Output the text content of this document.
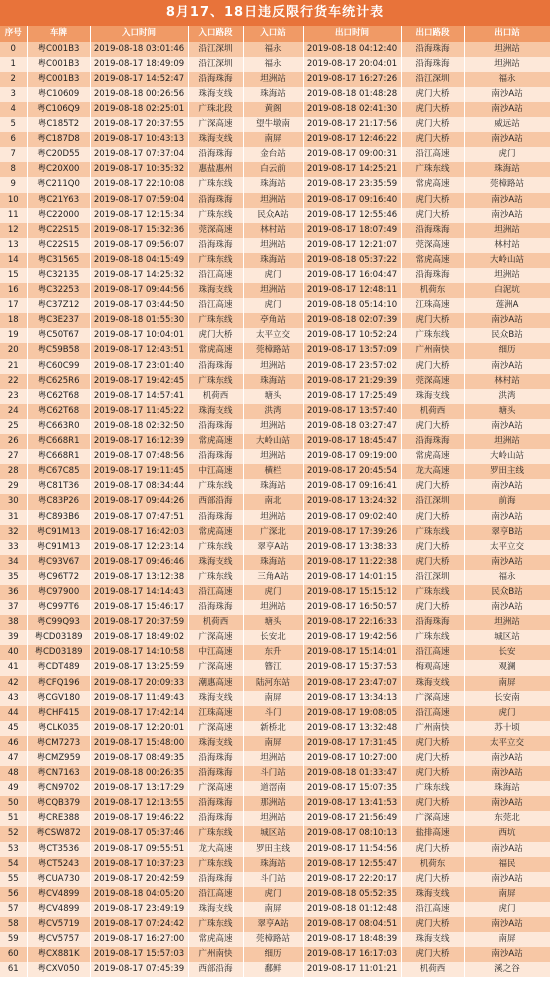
8月17、18日违反限行货车统计表
序号	车牌	入口时间	入口路段	入口站	出口时间	出口路段	出口站
0	粤C001B3	2019-08-18 03:01:46	沿江深圳	福永	2019-08-18 04:12:40	沿海珠海	坦洲站
1	粤C001B3	2019-08-17 18:49:09	沿江深圳	福永	2019-08-17 20:04:01	沿海珠海	坦洲站
2	粤C001B3	2019-08-17 14:52:47	沿海珠海	坦洲站	2019-08-17 16:27:26	沿江深圳	福永
3	粤C10609	2019-08-18 00:26:56	珠海支线	珠海站	2019-08-18 01:48:28	虎门大桥	南沙A站
4	粤C106Q9	2019-08-18 02:25:01	广珠北段	黄阁	2019-08-18 02:41:30	虎门大桥	南沙A站
5	粤C185T2	2019-08-17 20:37:55	广深高速	望牛墩南	2019-08-17 21:17:56	虎门大桥	威远站
6	粤C187D8	2019-08-17 10:43:13	珠海支线	南屏	2019-08-17 12:46:22	虎门大桥	南沙A站
7	粤C20D55	2019-08-17 07:37:04	沿海珠海	金台站	2019-08-17 09:00:31	沿江高速	虎门
8	粤C20X00	2019-08-17 10:35:32	惠盐惠州	白云前	2019-08-17 14:25:21	广珠东线	珠海站
9	粤C211Q0	2019-08-17 22:10:08	广珠东线	珠海站	2019-08-17 23:35:59	常虎高速	莞樟路站
10	粤C21Y63	2019-08-17 07:59:04	沿海珠海	坦洲站	2019-08-17 09:16:40	虎门大桥	南沙A站
11	粤C22000	2019-08-17 12:15:34	广珠东线	民众A站	2019-08-17 12:55:46	虎门大桥	南沙A站
12	粤C22S15	2019-08-17 15:32:36	莞深高速	林村站	2019-08-17 18:07:49	沿海珠海	坦洲站
13	粤C22S15	2019-08-17 09:56:07	沿海珠海	坦洲站	2019-08-17 12:21:07	莞深高速	林村站
14	粤C31565	2019-08-18 04:15:49	广珠东线	珠海站	2019-08-18 05:37:22	常虎高速	大岭山站
15	粤C32135	2019-08-17 14:25:32	沿江高速	虎门	2019-08-17 16:04:47	沿海珠海	坦洲站
16	粤C32253	2019-08-17 09:44:56	珠海支线	坦洲站	2019-08-17 12:48:11	机荷东	白泥坑
17	粤C37Z12	2019-08-17 03:44:50	沿江高速	虎门	2019-08-18 05:14:10	江珠高速	莲洲A
18	粤C3E237	2019-08-18 01:55:30	广珠东线	亭角站	2019-08-18 02:07:39	虎门大桥	南沙A站
19	粤C50T67	2019-08-17 10:04:01	虎门大桥	太平立交	2019-08-17 10:52:24	广珠东线	民众B站
20	粤C59B58	2019-08-17 12:43:51	常虎高速	莞樟路站	2019-08-17 13:57:09	广州南快	细历
21	粤C60C99	2019-08-17 23:01:40	沿海珠海	坦洲站	2019-08-17 23:57:02	虎门大桥	南沙A站
22	粤C625R6	2019-08-17 19:42:45	广珠东线	珠海站	2019-08-17 21:29:39	莞深高速	林村站
23	粤C62T68	2019-08-17 14:57:41	机荷西	塘头	2019-08-17 17:25:49	珠海支线	洪湾
24	粤C62T68	2019-08-17 11:45:22	珠海支线	洪湾	2019-08-17 13:57:40	机荷西	塘头
25	粤C663R0	2019-08-18 02:32:50	沿海珠海	坦洲站	2019-08-18 03:27:47	虎门大桥	南沙A站
26	粤C668R1	2019-08-17 16:12:39	常虎高速	大岭山站	2019-08-17 18:45:47	沿海珠海	坦洲站
27	粤C668R1	2019-08-17 07:48:56	沿海珠海	坦洲站	2019-08-17 09:19:00	常虎高速	大岭山站
28	粤C67C85	2019-08-17 19:11:45	中江高速	横栏	2019-08-17 20:45:54	龙大高速	罗田主线
29	粤C81T36	2019-08-17 08:34:44	广珠东线	珠海站	2019-08-17 09:16:41	虎门大桥	南沙A站
30	粤C83P26	2019-08-17 09:44:26	西部沿海	南北	2019-08-17 13:24:32	沿江深圳	前海
31	粤C893B6	2019-08-17 07:47:51	沿海珠海	坦洲站	2019-08-17 09:02:40	虎门大桥	南沙A站
32	粤C91M13	2019-08-17 16:42:03	常虎高速	广深北	2019-08-17 17:39:26	广珠东线	翠亨B站
33	粤C91M13	2019-08-17 12:23:14	广珠东线	翠亨A站	2019-08-17 13:38:33	虎门大桥	太平立交
34	粤C93V67	2019-08-17 09:46:46	珠海支线	珠海站	2019-08-17 11:22:38	虎门大桥	南沙A站
35	粤C96T72	2019-08-17 13:12:38	广珠东线	三角A站	2019-08-17 14:01:15	沿江深圳	福永
36	粤C97900	2019-08-17 14:14:43	沿江高速	虎门	2019-08-17 15:15:12	广珠东线	民众B站
37	粤C997T6	2019-08-17 15:46:17	沿海珠海	坦洲站	2019-08-17 16:50:57	虎门大桥	南沙A站
38	粤C99Q93	2019-08-17 20:37:59	机荷西	塘头	2019-08-17 22:16:33	沿海珠海	坦洲站
39	粤CD03189	2019-08-17 18:49:02	广深高速	长安北	2019-08-17 19:42:56	广珠东线	城区站
40	粤CD03189	2019-08-17 14:10:58	中江高速	东升	2019-08-17 15:14:01	沿江高速	长安
41	粤CDT489	2019-08-17 13:25:59	广深高速	簪江	2019-08-17 15:37:53	梅观高速	观澜
42	粤CFQ196	2019-08-17 20:09:33	潮惠高速	陆河东站	2019-08-17 23:47:07	珠海支线	南屏
43	粤CGV180	2019-08-17 11:49:43	珠海支线	南屏	2019-08-17 13:34:13	广深高速	长安南
44	粤CHF415	2019-08-17 17:42:14	江珠高速	斗门	2019-08-17 19:08:05	沿江高速	虎门
45	粤CLK035	2019-08-17 12:20:01	广深高速	新桥北	2019-08-17 13:32:48	广州南快	苏十顷
46	粤CM7273	2019-08-17 15:48:00	珠海支线	南屏	2019-08-17 17:31:45	虎门大桥	太平立交
47	粤CMZ959	2019-08-17 08:49:35	沿海珠海	坦洲站	2019-08-17 10:27:00	虎门大桥	南沙A站
48	粤CN7163	2019-08-18 00:26:35	沿海珠海	斗门站	2019-08-18 01:33:47	虎门大桥	南沙A站
49	粤CN9702	2019-08-17 13:17:29	广深高速	道滘南	2019-08-17 15:07:35	广珠东线	珠海站
50	粤CQB379	2019-08-17 12:13:55	沿海珠海	那洲站	2019-08-17 13:41:53	虎门大桥	南沙A站
51	粤CRE388	2019-08-17 19:46:22	沿海珠海	坦洲站	2019-08-17 21:56:49	广深高速	东莞北
52	粤CSW872	2019-08-17 05:37:46	广珠东线	城区站	2019-08-17 08:10:13	盐排高速	西坑
53	粤CT3536	2019-08-17 09:55:51	龙大高速	罗田主线	2019-08-17 11:54:56	虎门大桥	南沙A站
54	粤CT5243	2019-08-17 10:37:23	广珠东线	珠海站	2019-08-17 12:55:47	机荷东	福民
55	粤CUA730	2019-08-17 20:42:59	沿海珠海	斗门站	2019-08-17 22:20:17	虎门大桥	南沙A站
56	粤CV4899	2019-08-18 04:05:20	沿江高速	虎门	2019-08-18 05:52:35	珠海支线	南屏
57	粤CV4899	2019-08-17 23:49:19	珠海支线	南屏	2019-08-18 01:12:48	沿江高速	虎门
58	粤CV5719	2019-08-17 07:24:42	广珠东线	翠亨A站	2019-08-17 08:04:51	虎门大桥	南沙A站
59	粤CV5757	2019-08-17 16:27:00	常虎高速	莞樟路站	2019-08-17 18:48:39	珠海支线	南屏
60	粤CX881K	2019-08-17 15:57:03	广州南快	细历	2019-08-17 16:17:03	虎门大桥	南沙A站
61	粤CXV050	2019-08-17 07:45:39	西部沿海	鄱鲜	2019-08-17 11:01:21	机荷西	溪之谷
